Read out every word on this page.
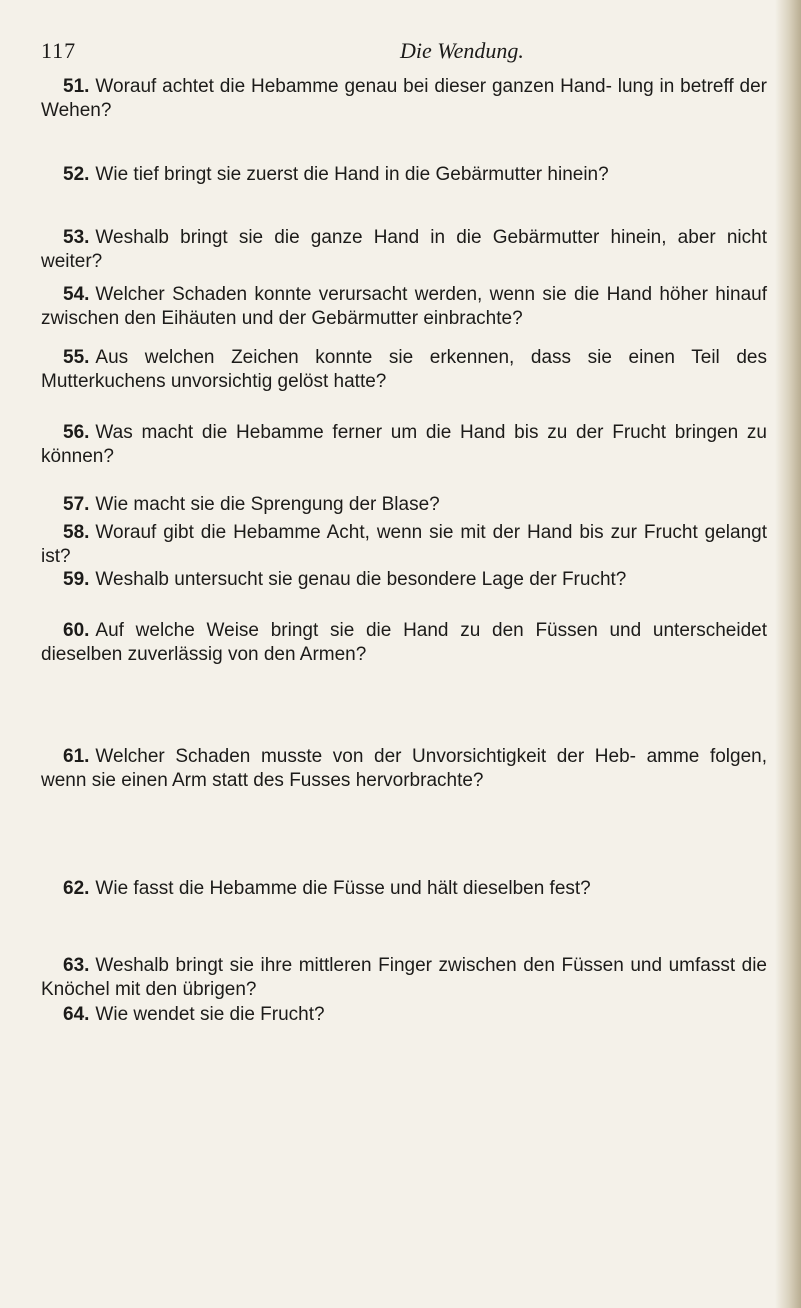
117	Die Wendung.
51. Worauf achtet die Hebamme genau bei dieser ganzen Hand- lung in betreff der Wehen?
52. Wie tief bringt sie zuerst die Hand in die Gebärmutter hinein?
53. Weshalb bringt sie die ganze Hand in die Gebärmutter hinein, aber nicht weiter?
54. Welcher Schaden konnte verursacht werden, wenn sie die Hand höher hinauf zwischen den Eihäuten und der Gebärmutter einbrachte?
55. Aus welchen Zeichen konnte sie erkennen, dass sie einen Teil des Mutterkuchens unvorsichtig gelöst hatte?
56. Was macht die Hebamme ferner um die Hand bis zu der Frucht bringen zu können?
57. Wie macht sie die Sprengung der Blase?
58. Worauf gibt die Hebamme Acht, wenn sie mit der Hand bis zur Frucht gelangt ist?
59. Weshalb untersucht sie genau die besondere Lage der Frucht?
60. Auf welche Weise bringt sie die Hand zu den Füssen und unterscheidet dieselben zuverlässig von den Armen?
61. Welcher Schaden musste von der Unvorsichtigkeit der Heb- amme folgen, wenn sie einen Arm statt des Fusses hervorbrachte?
62. Wie fasst die Hebamme die Füsse und hält dieselben fest?
63. Weshalb bringt sie ihre mittleren Finger zwischen den Füssen und umfasst die Knöchel mit den übrigen?
64. Wie wendet sie die Frucht?
